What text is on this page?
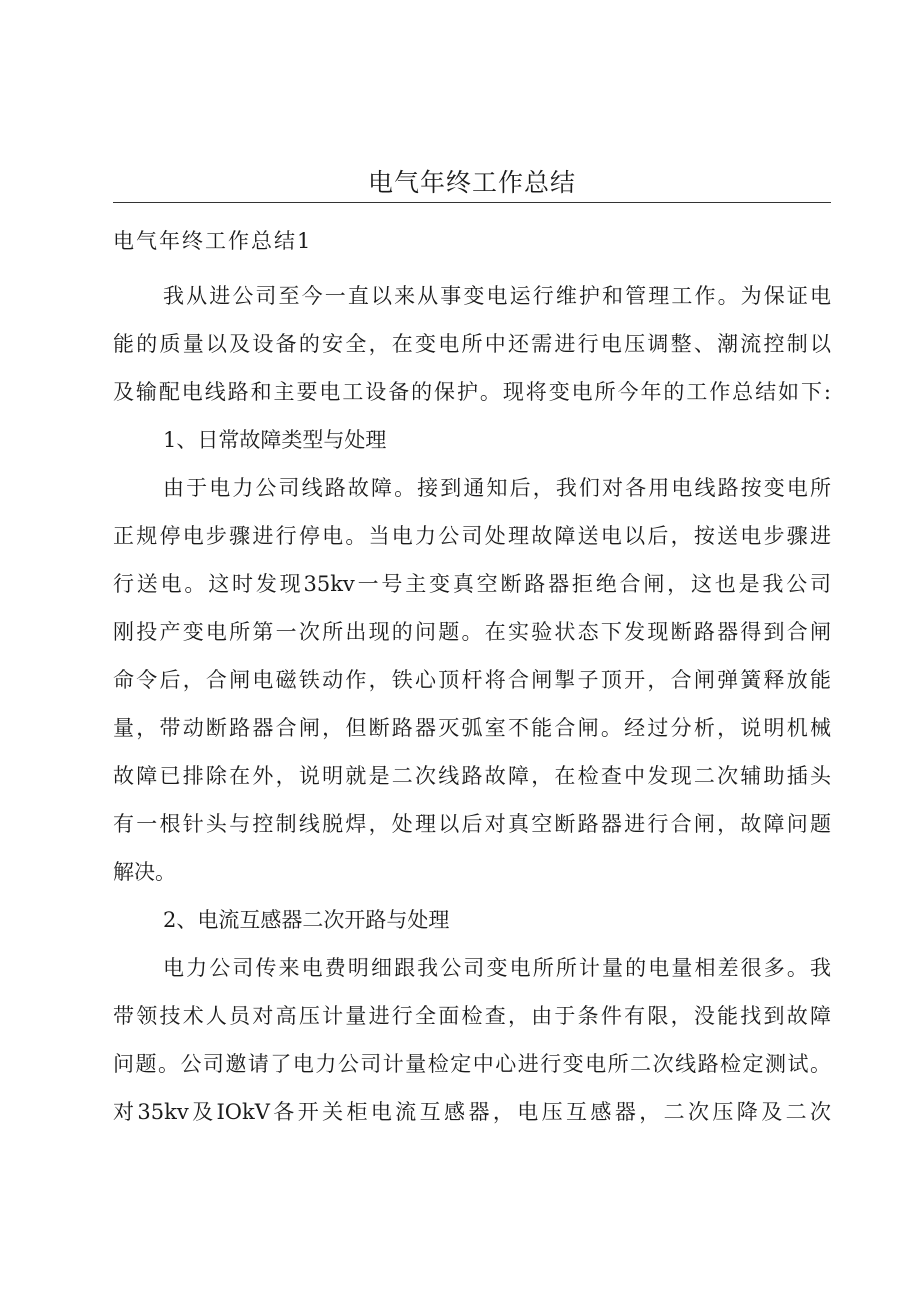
电气年终工作总结
电气年终工作总结1
我从进公司至今一直以来从事变电运行维护和管理工作。为保证电
能的质量以及设备的安全，在变电所中还需进行电压调整、潮流控制以
及输配电线路和主要电工设备的保护。现将变电所今年的工作总结如下:
1、日常故障类型与处理
由于电力公司线路故障。接到通知后，我们对各用电线路按变电所
正规停电步骤进行停电。当电力公司处理故障送电以后，按送电步骤进
行送电。这时发现35kv一号主变真空断路器拒绝合闸，这也是我公司
刚投产变电所第一次所出现的问题。在实验状态下发现断路器得到合闸
命令后，合闸电磁铁动作，铁心顶杆将合闸掣子顶开，合闸弹簧释放能
量，带动断路器合闸，但断路器灭弧室不能合闸。经过分析，说明机械
故障已排除在外，说明就是二次线路故障，在检查中发现二次辅助插头
有一根针头与控制线脱焊，处理以后对真空断路器进行合闸，故障问题
解决。
2、电流互感器二次开路与处理
电力公司传来电费明细跟我公司变电所所计量的电量相差很多。我
带领技术人员对高压计量进行全面检查，由于条件有限，没能找到故障
问题。公司邀请了电力公司计量检定中心进行变电所二次线路检定测试。
对35kv及IOkV各开关柜电流互感器，电压互感器，二次压降及二次
